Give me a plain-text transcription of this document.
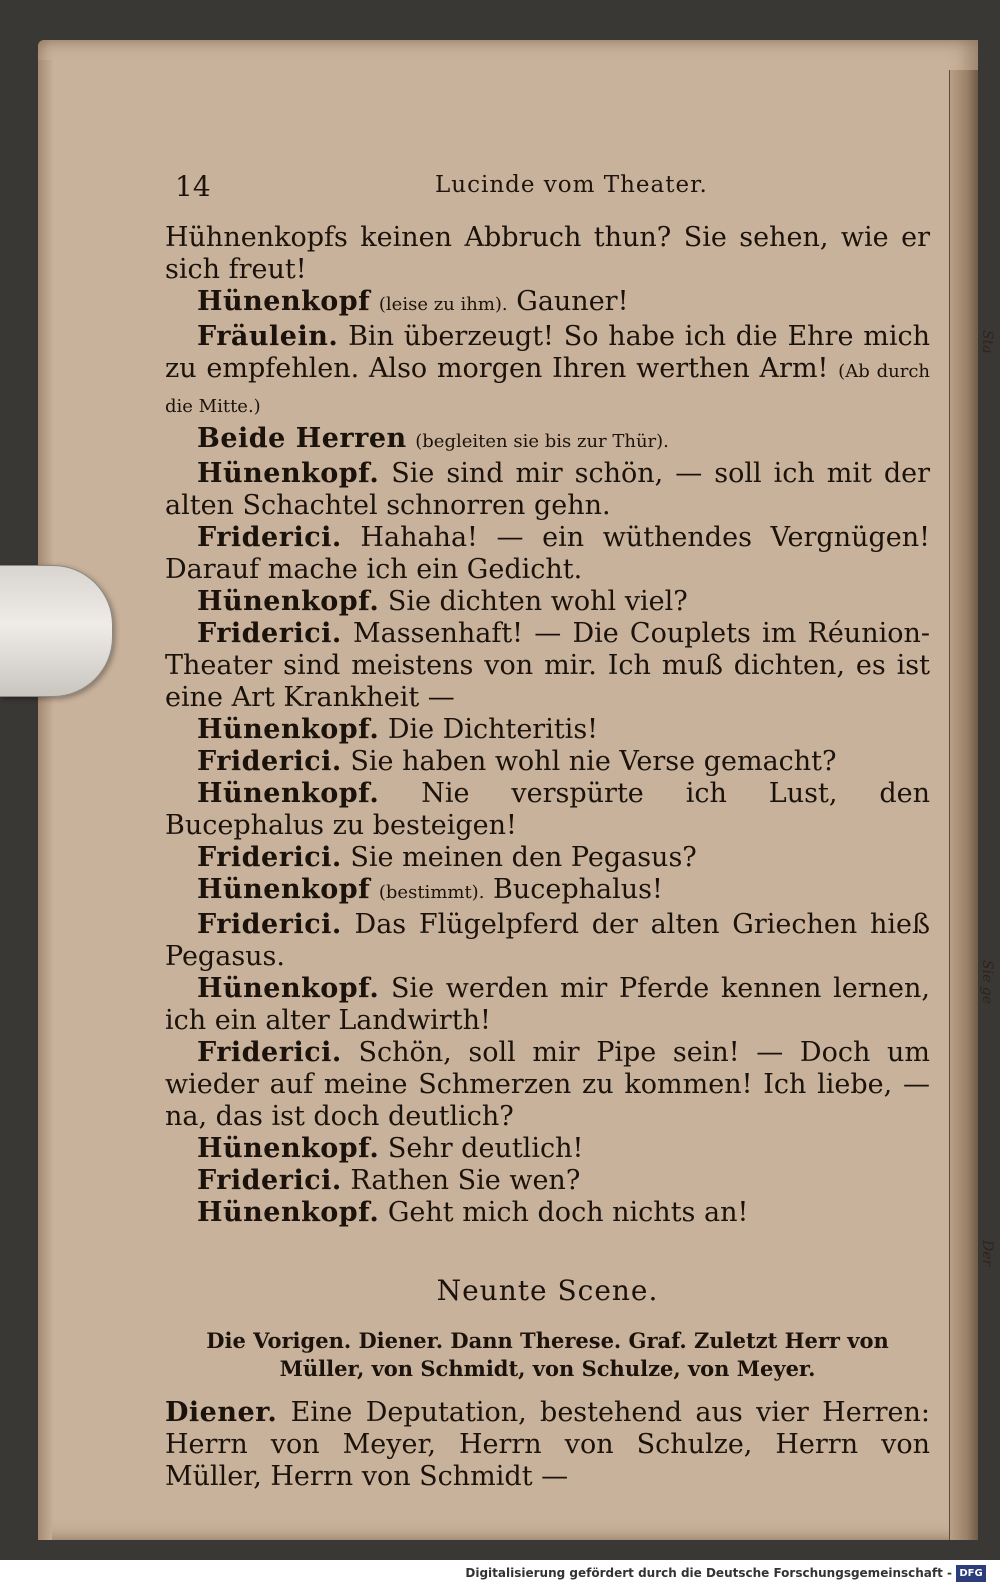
Sta
Sie ge
Der
14	Lucinde vom Theater.

Hühnenkopfs keinen Abbruch thun? Sie sehen, wie er sich freut!

Hünenkopf (leise zu ihm). Gauner!

Fräulein. Bin überzeugt! So habe ich die Ehre mich zu empfehlen. Also morgen Ihren werthen Arm! (Ab durch die Mitte.)

Beide Herren (begleiten sie bis zur Thür).

Hünenkopf. Sie sind mir schön, — soll ich mit der alten Schachtel schnorren gehn.

Friderici. Hahaha! — ein wüthendes Vergnügen! Darauf mache ich ein Gedicht.

Hünenkopf. Sie dichten wohl viel?

Friderici. Massenhaft! — Die Couplets im Réunion-Theater sind meistens von mir. Ich muß dichten, es ist eine Art Krankheit —

Hünenkopf. Die Dichteritis!

Friderici. Sie haben wohl nie Verse gemacht?

Hünenkopf. Nie verspürte ich Lust, den Bucephalus zu besteigen!

Friderici. Sie meinen den Pegasus?

Hünenkopf (bestimmt). Bucephalus!

Friderici. Das Flügelpferd der alten Griechen hieß Pegasus.

Hünenkopf. Sie werden mir Pferde kennen lernen, ich ein alter Landwirth!

Friderici. Schön, soll mir Pipe sein! — Doch um wieder auf meine Schmerzen zu kommen! Ich liebe, — na, das ist doch deutlich?

Hünenkopf. Sehr deutlich!

Friderici. Rathen Sie wen?

Hünenkopf. Geht mich doch nichts an!

Neunte Scene.
Die Vorigen. Diener. Dann Therese. Graf. Zuletzt Herr von Müller, von Schmidt, von Schulze, von Meyer.

Diener. Eine Deputation, bestehend aus vier Herren: Herrn von Meyer, Herrn von Schulze, Herrn von Müller, Herrn von Schmidt —

Digitalisierung gefördert durch die Deutsche Forschungsgemeinschaft - DFG
